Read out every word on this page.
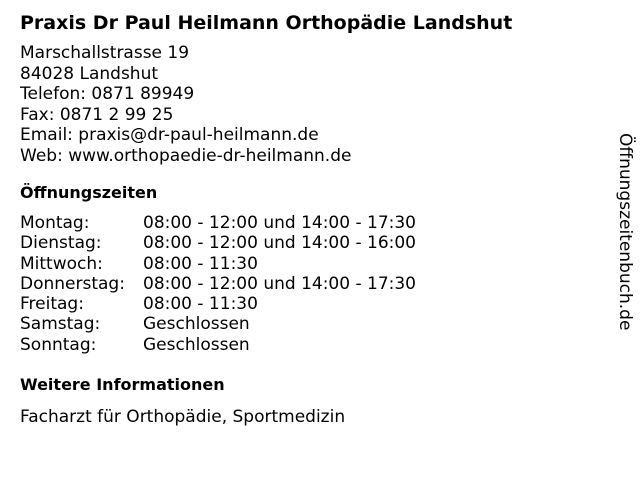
Praxis Dr Paul Heilmann Orthopädie Landshut
Marschallstrasse 19
84028 Landshut
Telefon: 0871 89949
Fax: 0871 2 99 25
Email: praxis@dr-paul-heilmann.de
Web: www.orthopaedie-dr-heilmann.de
Öffnungszeiten
Montag:	08:00 - 12:00 und 14:00 - 17:30
Dienstag:	08:00 - 12:00 und 14:00 - 16:00
Mittwoch:	08:00 - 11:30
Donnerstag:	08:00 - 12:00 und 14:00 - 17:30
Freitag:	08:00 - 11:30
Samstag:	Geschlossen
Sonntag:	Geschlossen
Weitere Informationen
Facharzt für Orthopädie, Sportmedizin
Öffnungszeitenbuch.de
